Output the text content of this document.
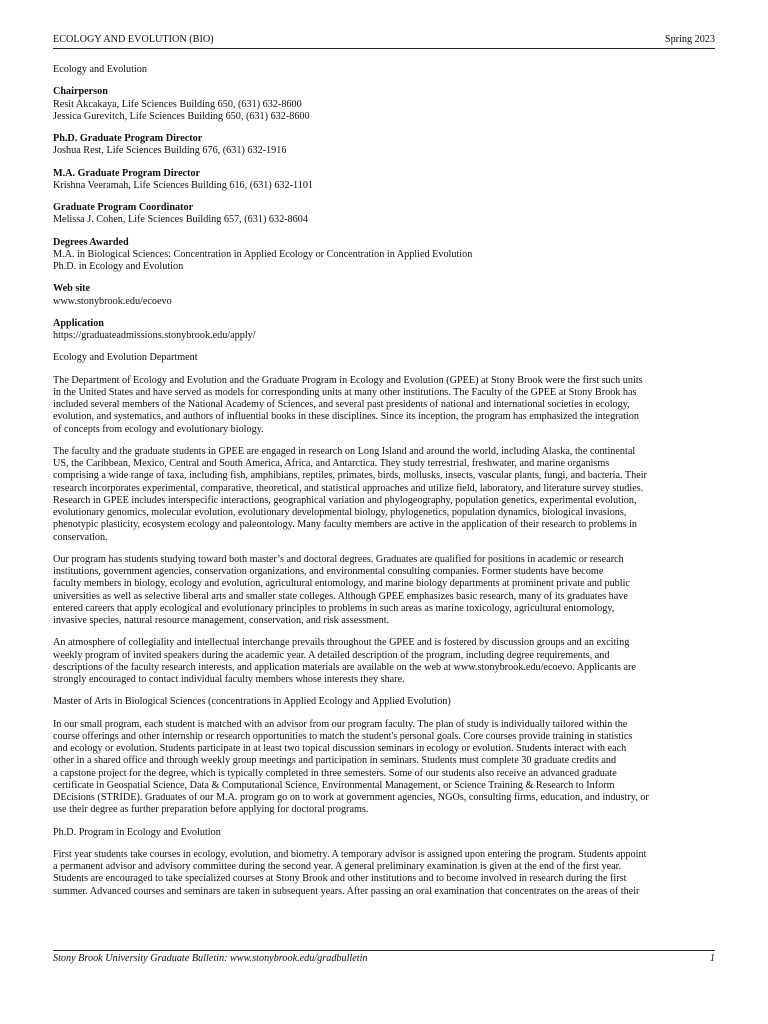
ECOLOGY AND EVOLUTION (BIO)	Spring 2023
Ecology and Evolution
Chairperson
Resit Akcakaya, Life Sciences Building 650, (631) 632-8600
Jessica Gurevitch, Life Sciences Building 650, (631) 632-8600
Ph.D. Graduate Program Director
Joshua Rest, Life Sciences Building 676, (631) 632-1916
M.A. Graduate Program Director
Krishna Veeramah, Life Sciences Building 616, (631) 632-1101
Graduate Program Coordinator
Melissa J. Cohen, Life Sciences Building 657, (631) 632-8604
Degrees Awarded
M.A. in Biological Sciences: Concentration in Applied Ecology or Concentration in Applied Evolution
Ph.D. in Ecology and Evolution
Web site
www.stonybrook.edu/ecoevo
Application
https://graduateadmissions.stonybrook.edu/apply/
Ecology and Evolution Department
The Department of Ecology and Evolution and the Graduate Program in Ecology and Evolution (GPEE) at Stony Brook were the first such units
in the United States and have served as models for corresponding units at many other institutions. The Faculty of the GPEE at Stony Brook has
included several members of the National Academy of Sciences, and several past presidents of national and international societies in ecology,
evolution, and systematics, and authors of influential books in these disciplines. Since its inception, the program has emphasized the integration
of concepts from ecology and evolutionary biology.
The faculty and the graduate students in GPEE are engaged in research on Long Island and around the world, including Alaska, the continental
US, the Caribbean, Mexico, Central and South America, Africa, and Antarctica. They study terrestrial, freshwater, and marine organisms
comprising a wide range of taxa, including fish, amphibians, reptiles, primates, birds, mollusks, insects, vascular plants, fungi, and bacteria. Their
research incorporates experimental, comparative, theoretical, and statistical approaches and utilize field, laboratory, and literature survey studies.
Research in GPEE includes interspecific interactions, geographical variation and phylogeography, population genetics, experimental evolution,
evolutionary genomics, molecular evolution, evolutionary developmental biology, phylogenetics, population dynamics, biological invasions,
phenotypic plasticity, ecosystem ecology and paleontology. Many faculty members are active in the application of their research to problems in
conservation.
Our program has students studying toward both master’s and doctoral degrees. Graduates are qualified for positions in academic or research
institutions, government agencies, conservation organizations, and environmental consulting companies. Former students have become
faculty members in biology, ecology and evolution, agricultural entomology, and marine biology departments at prominent private and public
universities as well as selective liberal arts and smaller state colleges. Although GPEE emphasizes basic research, many of its graduates have
entered careers that apply ecological and evolutionary principles to problems in such areas as marine toxicology, agricultural entomology,
invasive species, natural resource management, conservation, and risk assessment.
An atmosphere of collegiality and intellectual interchange prevails throughout the GPEE and is fostered by discussion groups and an exciting
weekly program of invited speakers during the academic year. A detailed description of the program, including degree requirements, and
descriptions of the faculty research interests, and application materials are available on the web at www.stonybrook.edu/ecoevo. Applicants are
strongly encouraged to contact individual faculty members whose interests they share.
Master of Arts in Biological Sciences (concentrations in Applied Ecology and Applied Evolution)
In our small program, each student is matched with an advisor from our program faculty. The plan of study is individually tailored within the
course offerings and other internship or research opportunities to match the student's personal goals. Core courses provide training in statistics
and ecology or evolution. Students participate in at least two topical discussion seminars in ecology or evolution. Students interact with each
other in a shared office and through weekly group meetings and participation in seminars. Students must complete 30 graduate credits and
a capstone project for the degree, which is typically completed in three semesters. Some of our students also receive an advanced graduate
certificate in Geospatial Science, Data & Computational Science, Environmental Management, or Science Training & Research to Inform
DEcisions (STRIDE). Graduates of our M.A. program go on to work at government agencies, NGOs, consulting firms, education, and industry, or
use their degree as further preparation before applying for doctoral programs.
Ph.D. Program in Ecology and Evolution
First year students take courses in ecology, evolution, and biometry. A temporary advisor is assigned upon entering the program. Students appoint
a permanent advisor and advisory committee during the second year. A general preliminary examination is given at the end of the first year.
Students are encouraged to take specialized courses at Stony Brook and other institutions and to become involved in research during the first
summer. Advanced courses and seminars are taken in subsequent years. After passing an oral examination that concentrates on the areas of their
Stony Brook University Graduate Bulletin: www.stonybrook.edu/gradbulletin	1
